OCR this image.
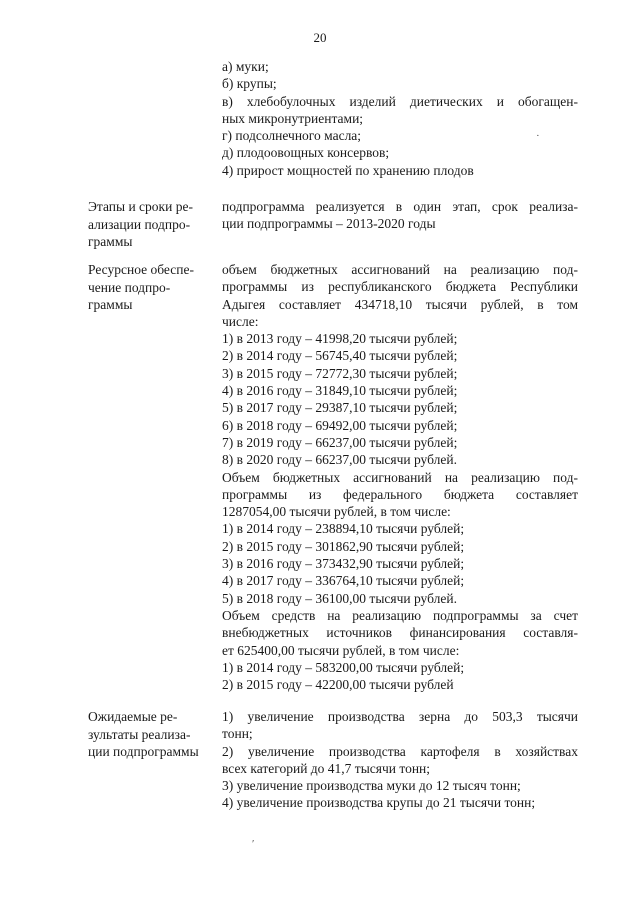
20
а) муки;
б) крупы;
в) хлебобулочных изделий диетических и обогащен-
ных микронутриентами;
г) подсолнечного масла;
д) плодоовощных консервов;
4) прирост мощностей по хранению плодов
Этапы и сроки ре-
ализации подпро-
граммы
подпрограмма реализуется в один этап, срок реализа-
ции подпрограммы – 2013-2020 годы
Ресурсное обеспе-
чение подпро-
граммы
объем бюджетных ассигнований на реализацию под-
программы из республиканского бюджета Республики
Адыгея составляет 434718,10 тысячи рублей, в том
числе:
1) в 2013 году – 41998,20 тысячи рублей;
2) в 2014 году – 56745,40 тысячи рублей;
3) в 2015 году – 72772,30 тысячи рублей;
4) в 2016 году – 31849,10 тысячи рублей;
5) в 2017 году – 29387,10 тысячи рублей;
6) в 2018 году – 69492,00 тысячи рублей;
7) в 2019 году – 66237,00 тысячи рублей;
8) в 2020 году – 66237,00 тысячи рублей.
Объем бюджетных ассигнований на реализацию под-
программы из федерального бюджета составляет
1287054,00 тысячи рублей, в том числе:
1) в 2014 году – 238894,10 тысячи рублей;
2) в 2015 году – 301862,90 тысячи рублей;
3) в 2016 году – 373432,90 тысячи рублей;
4) в 2017 году – 336764,10 тысячи рублей;
5) в 2018 году – 36100,00 тысячи рублей.
Объем средств на реализацию подпрограммы за счет
внебюджетных источников финансирования составля-
ет 625400,00 тысячи рублей, в том числе:
1) в 2014 году – 583200,00 тысячи рублей;
2) в 2015 году – 42200,00 тысячи рублей
Ожидаемые ре-
зультаты реализа-
ции подпрограммы
1) увеличение производства зерна до 503,3 тысячи
тонн;
2) увеличение производства картофеля в хозяйствах
всех категорий до 41,7 тысячи тонн;
3) увеличение производства муки до 12 тысяч тонн;
4) увеличение производства крупы до 21 тысячи тонн;
·
′
